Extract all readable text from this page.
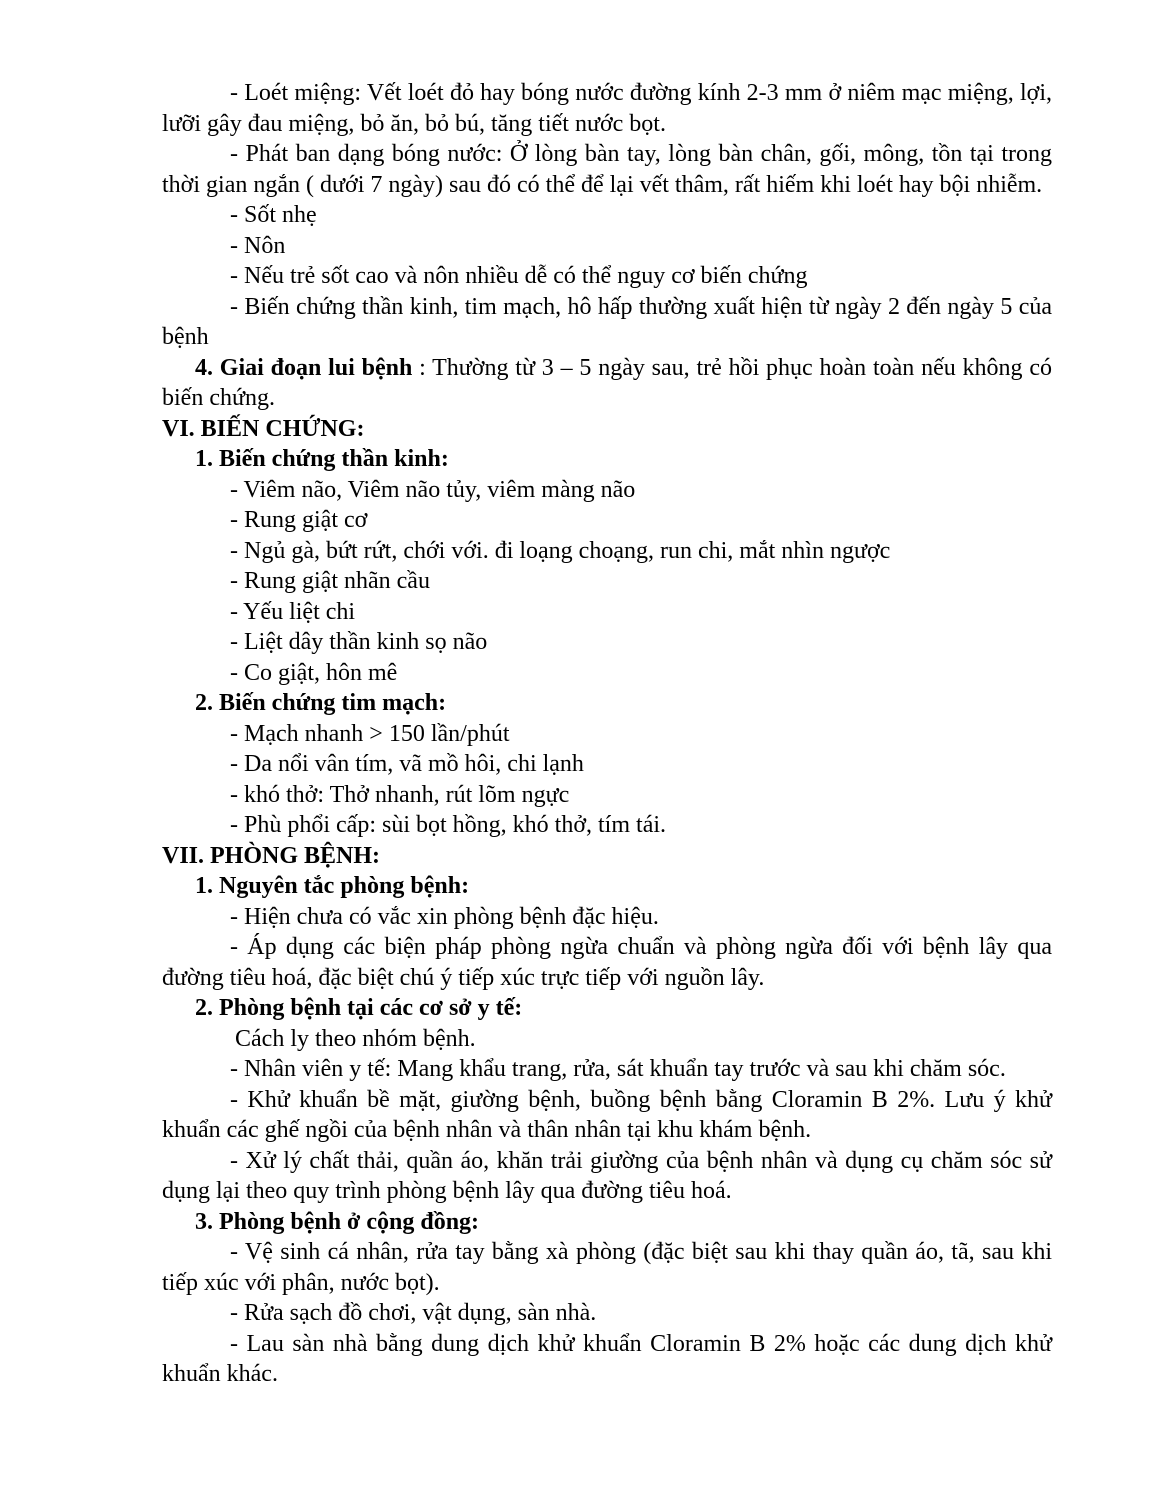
- Loét miệng: Vết loét đỏ hay bóng nước đường kính 2-3 mm ở niêm mạc miệng, lợi, lưỡi gây đau miệng, bỏ ăn, bỏ bú, tăng tiết nước bọt.

- Phát ban dạng bóng nước: Ở lòng bàn tay, lòng bàn chân, gối, mông, tồn tại trong thời gian ngắn ( dưới 7 ngày) sau đó có thể để lại vết thâm, rất hiếm khi loét hay bội nhiễm.

- Sốt nhẹ

- Nôn

- Nếu trẻ sốt cao và nôn nhiều dễ có thể nguy cơ biến chứng

- Biến chứng thần kinh, tim mạch, hô hấp thường xuất hiện từ ngày 2 đến ngày 5 của bệnh

4. Giai đoạn lui bệnh : Thường từ 3 – 5 ngày sau, trẻ hồi phục hoàn toàn nếu không có biến chứng.

VI. BIẾN CHỨNG:

1. Biến chứng thần kinh:

- Viêm não, Viêm não tủy, viêm màng não

- Rung giật cơ

- Ngủ gà, bứt rứt, chới với. đi loạng choạng, run chi, mắt nhìn ngược

- Rung giật nhãn cầu

- Yếu liệt chi

- Liệt dây thần kinh sọ não

- Co giật, hôn mê

2. Biến chứng tim mạch:

- Mạch nhanh > 150 lần/phút

- Da nổi vân tím, vã mồ hôi, chi lạnh

- khó thở: Thở nhanh, rút lõm ngực

- Phù phổi cấp: sùi bọt hồng, khó thở, tím tái.

VII. PHÒNG BỆNH:

1. Nguyên tắc phòng bệnh:

- Hiện chưa có vắc xin phòng bệnh đặc hiệu.

- Áp dụng các biện pháp phòng ngừa chuẩn và phòng ngừa đối với bệnh lây qua đường tiêu hoá, đặc biệt chú ý tiếp xúc trực tiếp với nguồn lây.

2. Phòng bệnh tại các cơ sở y tế:

Cách ly theo nhóm bệnh.

- Nhân viên y tế: Mang khẩu trang, rửa, sát khuẩn tay trước và sau khi chăm sóc.

- Khử khuẩn bề mặt, giường bệnh, buồng bệnh bằng Cloramin B 2%. Lưu ý khử khuẩn các ghế ngồi của bệnh nhân và thân nhân tại khu khám bệnh.

- Xử lý chất thải, quần áo, khăn trải giường của bệnh nhân và dụng cụ chăm sóc sử dụng lại theo quy trình phòng bệnh lây qua đường tiêu hoá.

3. Phòng bệnh ở cộng đồng:

- Vệ sinh cá nhân, rửa tay bằng xà phòng (đặc biệt sau khi thay quần áo, tã, sau khi tiếp xúc với phân, nước bọt).

- Rửa sạch đồ chơi, vật dụng, sàn nhà.

- Lau sàn nhà bằng dung dịch khử khuẩn Cloramin B 2% hoặc các dung dịch khử khuẩn khác.
